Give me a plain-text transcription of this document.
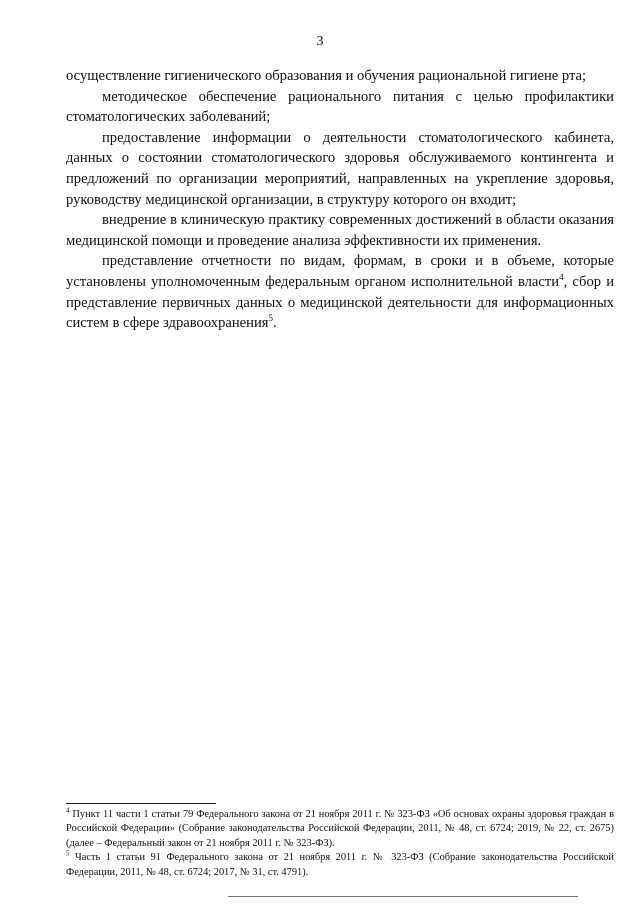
3

осуществление гигиенического образования и обучения рациональной гигиене рта;

методическое обеспечение рационального питания с целью профилактики стоматологических заболеваний;

предоставление информации о деятельности стоматологического кабинета, данных о состоянии стоматологического здоровья обслуживаемого контингента и предложений по организации мероприятий, направленных на укрепление здоровья, руководству медицинской организации, в структуру которого он входит;

внедрение в клиническую практику современных достижений в области оказания медицинской помощи и проведение анализа эффективности их применения.

представление отчетности по видам, формам, в сроки и в объеме, которые установлены уполномоченным федеральным органом исполнительной власти$^4$, сбор и представление первичных данных о медицинской деятельности для информационных систем в сфере здравоохранения$^5$.

$^4$ Пункт 11 части 1 статьи 79 Федерального закона от 21 ноября 2011 г. № 323-ФЗ «Об основах охраны здоровья граждан в Российской Федерации» (Собрание законодательства Российской Федерации, 2011, № 48, ст. 6724; 2019, № 22, ст. 2675) (далее – Федеральный закон от 21 ноября 2011 г. № 323-ФЗ).

$^5$ Часть 1 статьи 91 Федерального закона от 21 ноября 2011 г. № 323-ФЗ (Собрание законодательства Российской Федерации, 2011, № 48, ст. 6724; 2017, № 31, ст. 4791).
